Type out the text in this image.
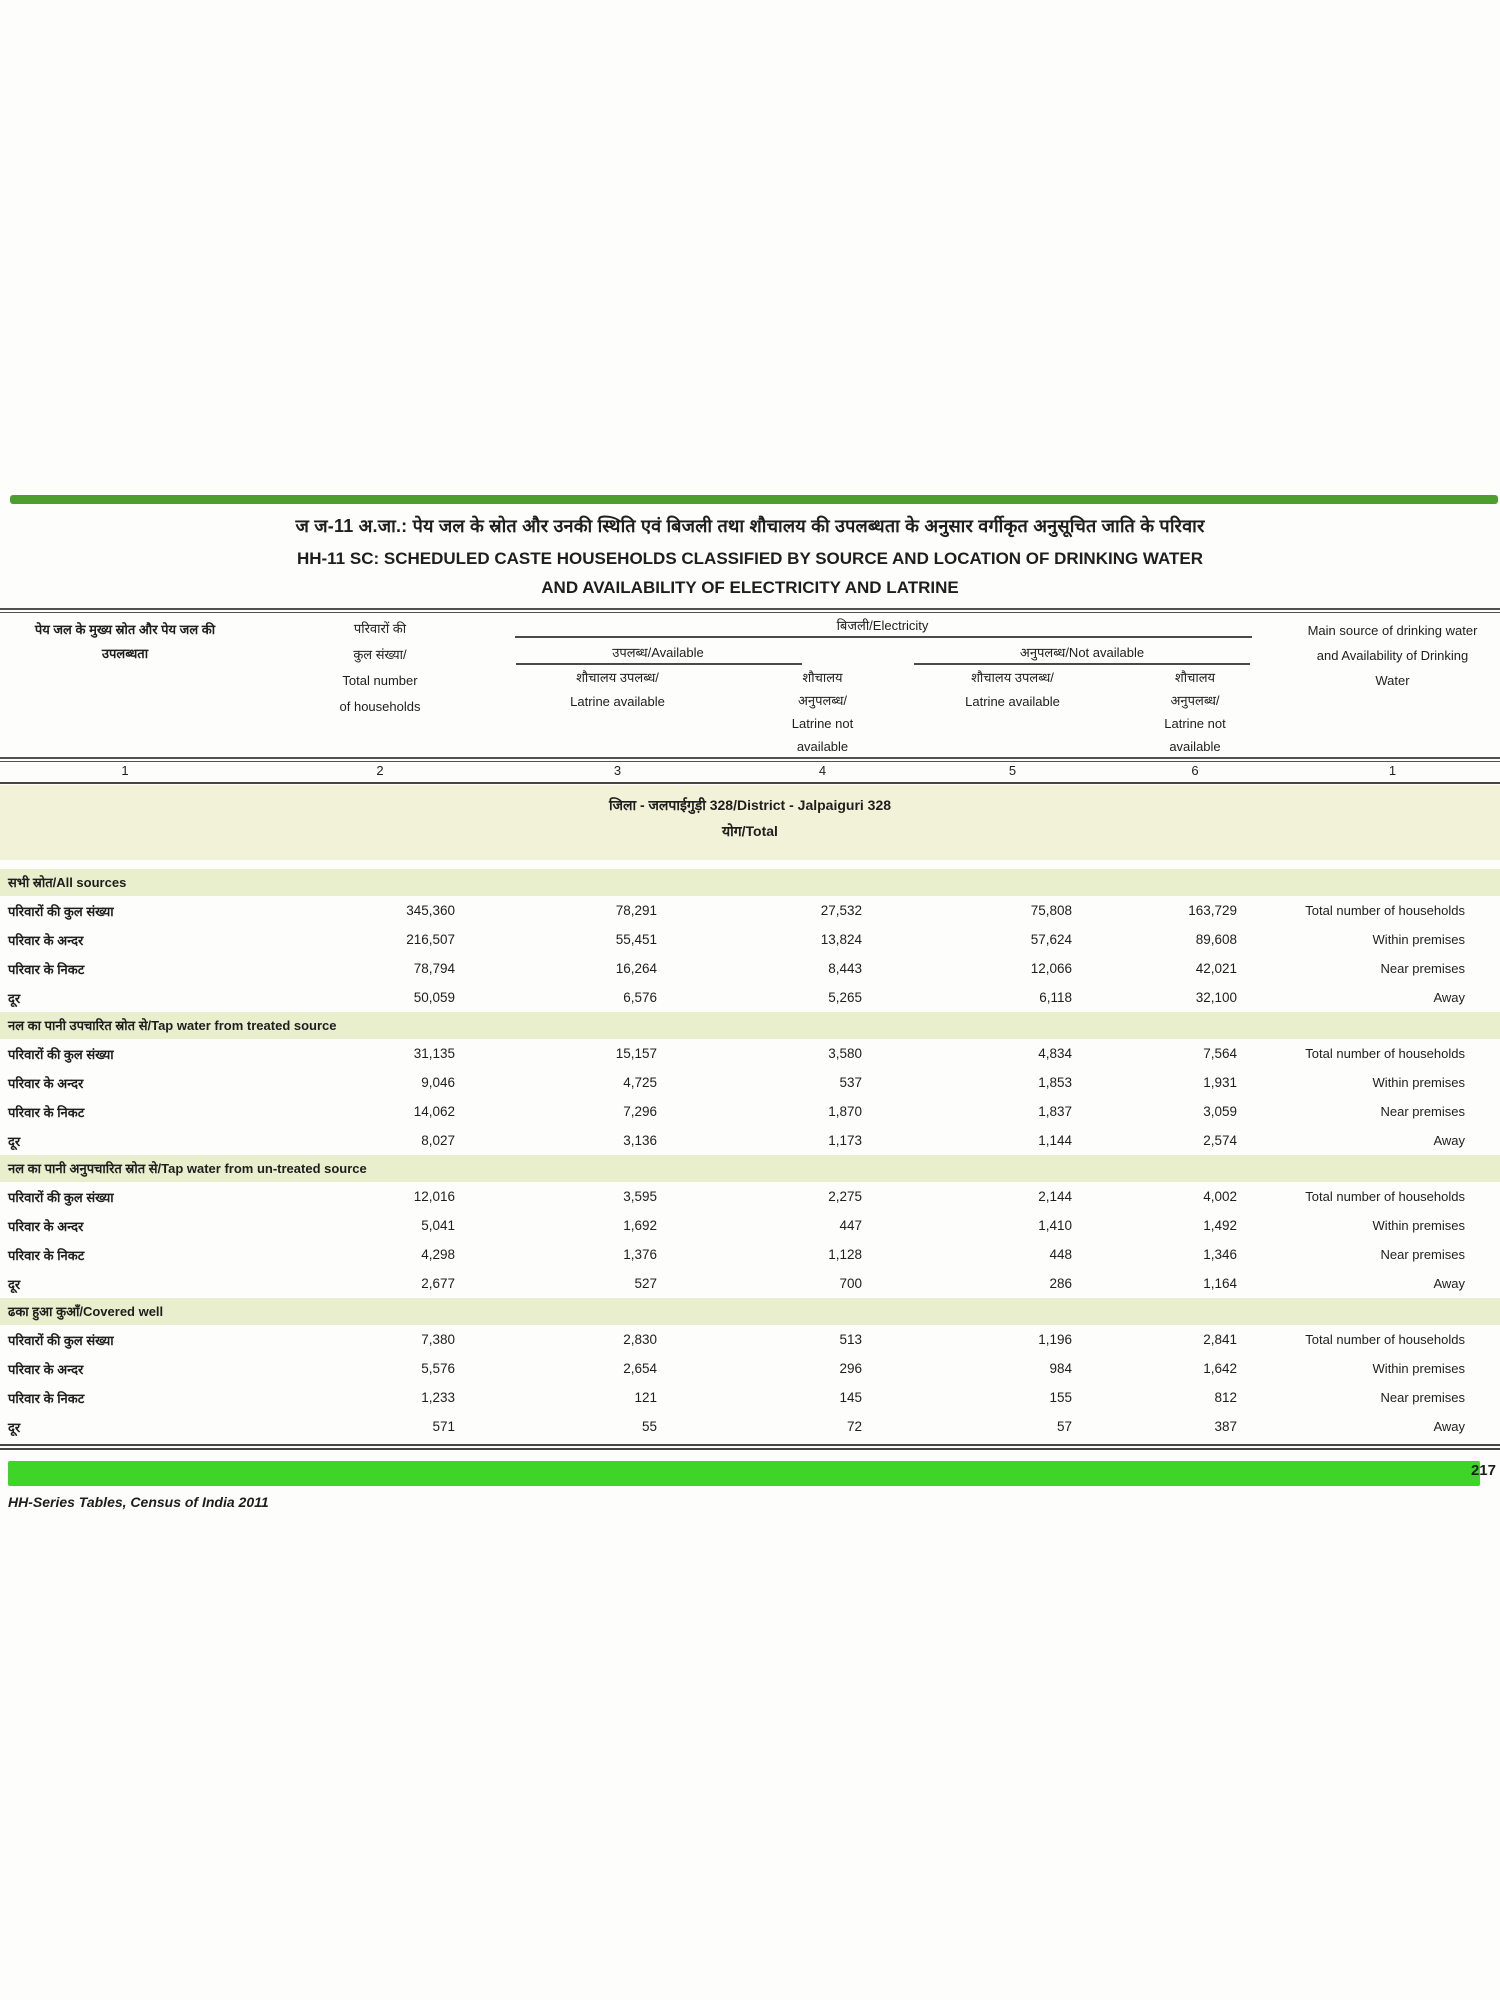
ज ज-11 अ.जा.: पेय जल के स्रोत और उनकी स्थिति एवं बिजली तथा शौचालय की उपलब्धता के अनुसार वर्गीकृत अनुसूचित जाति के परिवार
HH-11 SC: SCHEDULED CASTE HOUSEHOLDS CLASSIFIED BY SOURCE AND LOCATION OF DRINKING WATER
AND AVAILABILITY OF ELECTRICITY AND LATRINE
पेय जल के मुख्य स्रोत और पेय जल की
उपलब्धता
परिवारों की
कुल संख्या/
Total number
of households
बिजली/Electricity
उपलब्ध/Available	अनुपलब्ध/Not available
शौचालय उपलब्ध/
Latrine available
शौचालय
अनुपलब्ध/
Latrine not
available
शौचालय उपलब्ध/
Latrine available
शौचालय
अनुपलब्ध/
Latrine not
available
Main source of drinking water
and Availability of Drinking
Water
1	2	3	4	5	6	1
जिला - जलपाईगुड़ी 328/District - Jalpaiguri 328
योग/Total
सभी स्रोत/All sources
परिवारों की कुल संख्या	345,360	78,291	27,532	75,808	163,729	Total number of households
परिवार के अन्दर	216,507	55,451	13,824	57,624	89,608	Within premises
परिवार के निकट	78,794	16,264	8,443	12,066	42,021	Near premises
दूर	50,059	6,576	5,265	6,118	32,100	Away
नल का पानी उपचारित स्रोत से/Tap water from treated source
परिवारों की कुल संख्या	31,135	15,157	3,580	4,834	7,564	Total number of households
परिवार के अन्दर	9,046	4,725	537	1,853	1,931	Within premises
परिवार के निकट	14,062	7,296	1,870	1,837	3,059	Near premises
दूर	8,027	3,136	1,173	1,144	2,574	Away
नल का पानी अनुपचारित स्रोत से/Tap water from un-treated source
परिवारों की कुल संख्या	12,016	3,595	2,275	2,144	4,002	Total number of households
परिवार के अन्दर	5,041	1,692	447	1,410	1,492	Within premises
परिवार के निकट	4,298	1,376	1,128	448	1,346	Near premises
दूर	2,677	527	700	286	1,164	Away
ढका हुआ कुआँ/Covered well
परिवारों की कुल संख्या	7,380	2,830	513	1,196	2,841	Total number of households
परिवार के अन्दर	5,576	2,654	296	984	1,642	Within premises
परिवार के निकट	1,233	121	145	155	812	Near premises
दूर	571	55	72	57	387	Away
217
HH-Series Tables, Census of India 2011
